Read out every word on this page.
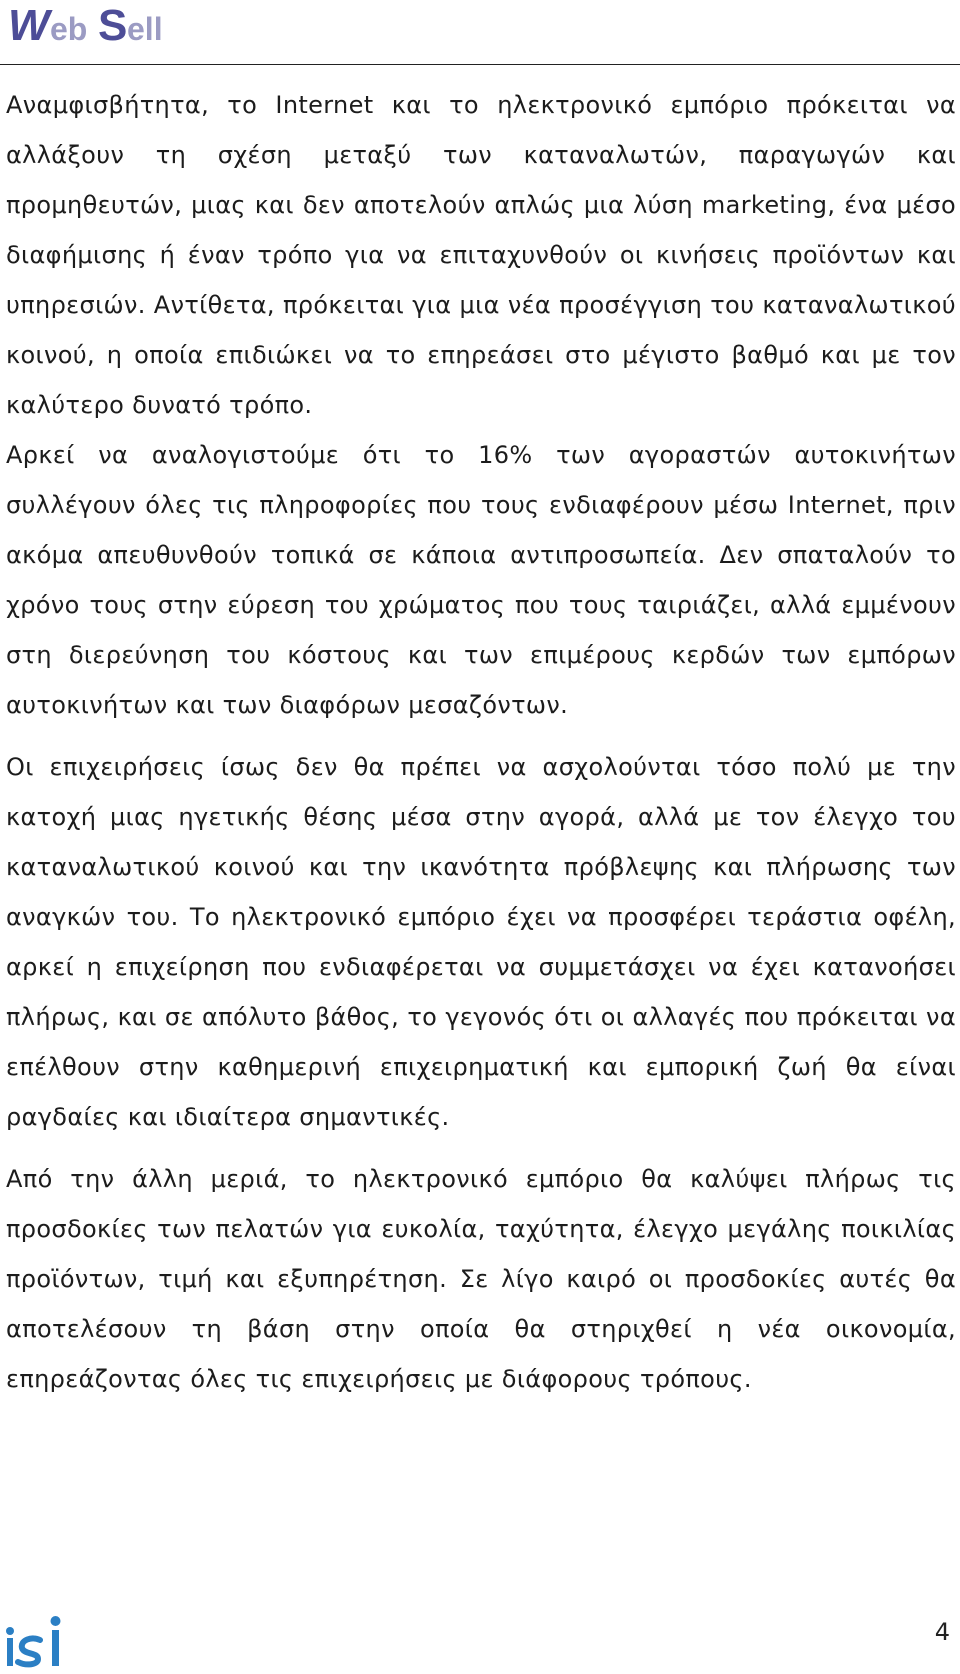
W eb S ell

Αναμφισβήτητα, το Internet και το ηλεκτρονικό εμπόριο πρόκειται να αλλάξουν τη σχέση μεταξύ των καταναλωτών, παραγωγών και προμηθευτών, μιας και δεν αποτελούν απλώς μια λύση marketing, ένα μέσο διαφήμισης ή έναν τρόπο για να επιταχυνθούν οι κινήσεις προϊόντων και υπηρεσιών. Αντίθετα, πρόκειται για μια νέα προσέγγιση του καταναλωτικού κοινού, η οποία επιδιώκει να το επηρεάσει στο μέγιστο βαθμό και με τον καλύτερο δυνατό τρόπο.

Αρκεί να αναλογιστούμε ότι το 16% των αγοραστών αυτοκινήτων συλλέγουν όλες τις πληροφορίες που τους ενδιαφέρουν μέσω Internet, πριν ακόμα απευθυνθούν τοπικά σε κάποια αντιπροσωπεία. Δεν σπαταλούν το χρόνο τους στην εύρεση του χρώματος που τους ταιριάζει, αλλά εμμένουν στη διερεύνηση του κόστους και των επιμέρους κερδών των εμπόρων αυτοκινήτων και των διαφόρων μεσαζόντων.

Οι επιχειρήσεις ίσως δεν θα πρέπει να ασχολούνται τόσο πολύ με την κατοχή μιας ηγετικής θέσης μέσα στην αγορά, αλλά με τον έλεγχο του καταναλωτικού κοινού και την ικανότητα πρόβλεψης και πλήρωσης των αναγκών του. Το ηλεκτρονικό εμπόριο έχει να προσφέρει τεράστια οφέλη, αρκεί η επιχείρηση που ενδιαφέρεται να συμμετάσχει να έχει κατανοήσει πλήρως, και σε απόλυτο βάθος, το γεγονός ότι οι αλλαγές που πρόκειται να επέλθουν στην καθημερινή επιχειρηματική και εμπορική ζωή θα είναι ραγδαίες και ιδιαίτερα σημαντικές.

Από την άλλη μεριά, το ηλεκτρονικό εμπόριο θα καλύψει πλήρως τις προσδοκίες των πελατών για ευκολία, ταχύτητα, έλεγχο μεγάλης ποικιλίας προϊόντων, τιμή και εξυπηρέτηση. Σε λίγο καιρό οι προσδοκίες αυτές θα αποτελέσουν τη βάση στην οποία θα στηριχθεί η νέα οικονομία, επηρεάζοντας όλες τις επιχειρήσεις με διάφορους τρόπους.

4
